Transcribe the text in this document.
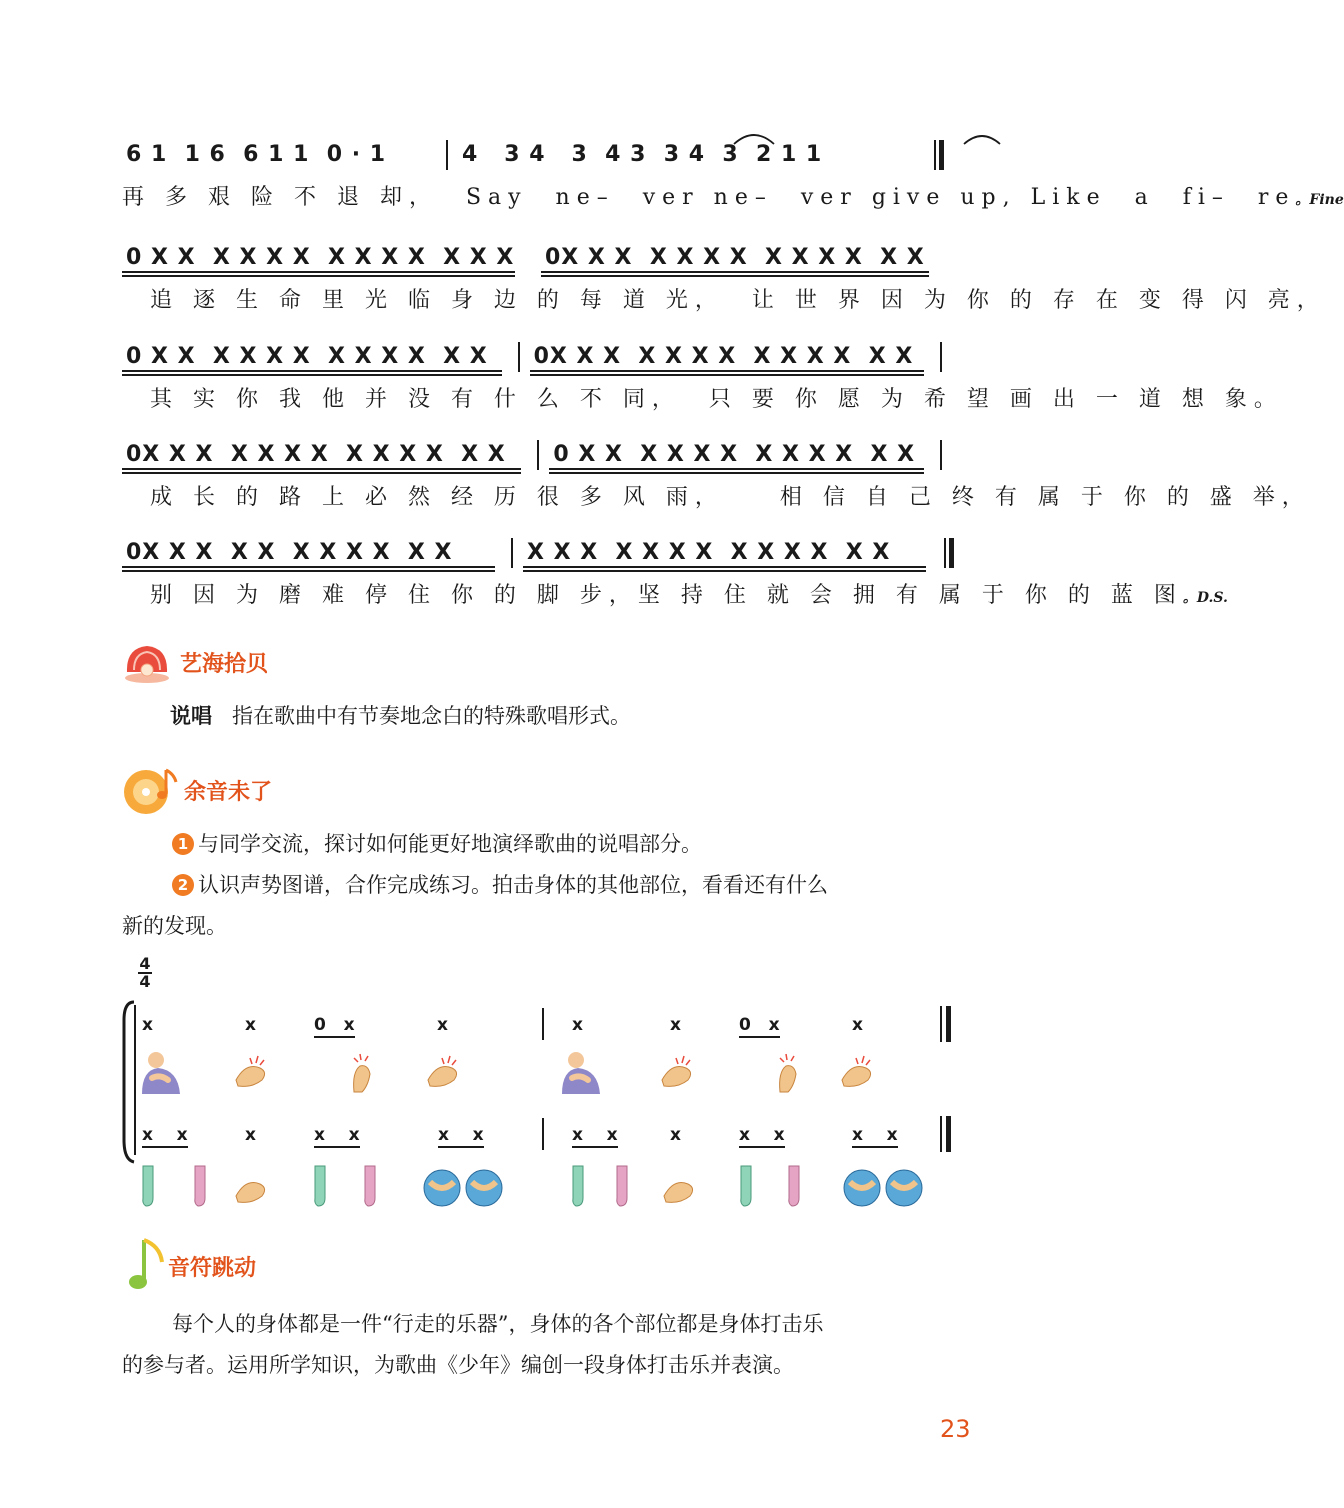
6 1  1 6  6 1 1  0 · 1	4   3 4   3  4 3  3 4  3  2 1 1
再 多 艰 险 不 退 却，  Say  ne–  ver ne–  ver give up, Like  a  fi–  re。Fine
0 X X  X X X X  X X X X  X X X 0X X X  X X X X  X X X X  X X
追 逐 生 命 里 光 临 身 边 的 每 道 光，  让 世 界 因 为 你 的 存 在 变 得 闪 亮，
0 X X  X X X X  X X X X  X X	0X X X  X X X X  X X X X  X X
其 实 你 我 他 并 没 有 什 么 不 同，  只 要 你 愿 为 希 望 画 出 一 道 想 象。
0X X X  X X X X  X X X X  X X	0 X X  X X X X  X X X X  X X
成 长 的 路 上 必 然 经 历 很 多 风 雨，    相 信 自 己 终 有 属 于 你 的 盛 举，
0X X X  X X  X X X X  X X	X X X  X X X X  X X X X  X X
别 因 为 磨 难 停 住 你 的 脚 步，坚 持 住 就 会 拥 有 属 于 你 的 蓝 图。D.S.
艺海拾贝
说唱 指在歌曲中有节奏地念白的特殊歌唱形式。
余音未了
1 与同学交流，探讨如何能更好地演绎歌曲的说唱部分。
2 认识声势图谱，合作完成练习。拍击身体的其他部位，看看还有什么
新的发现。
4
4
x	x	0 x	x	x	x	0 x	x
x x	x	x x	x x	x x	x	x x	x x
音符跳动
每个人的身体都是一件“行走的乐器”，身体的各个部位都是身体打击乐
的参与者。运用所学知识，为歌曲《少年》编创一段身体打击乐并表演。
23
